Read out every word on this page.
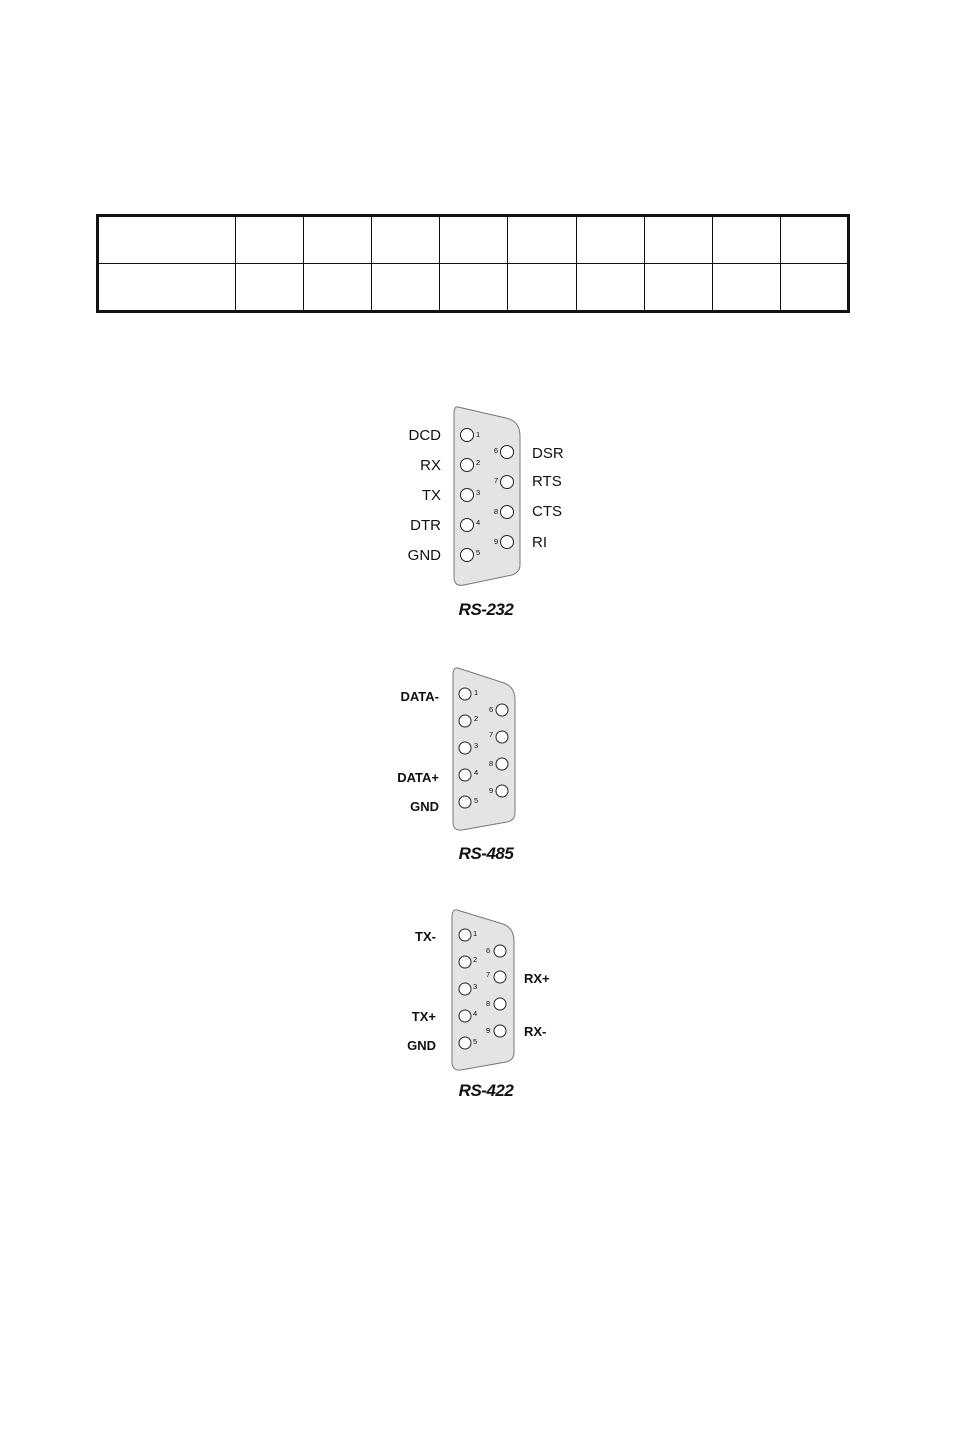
1
2
3
4
5
6
7
8
9
DCD
RX
TX
DTR
GND
DSR
RTS
CTS
RI
RS-232
1
2
3
4
5
6
7
8
9
DATA-
DATA+
GND
RS-485
1
2
3
4
5
6
7
8
9
TX-
TX+
GND
RX+
RX-
RS-422
